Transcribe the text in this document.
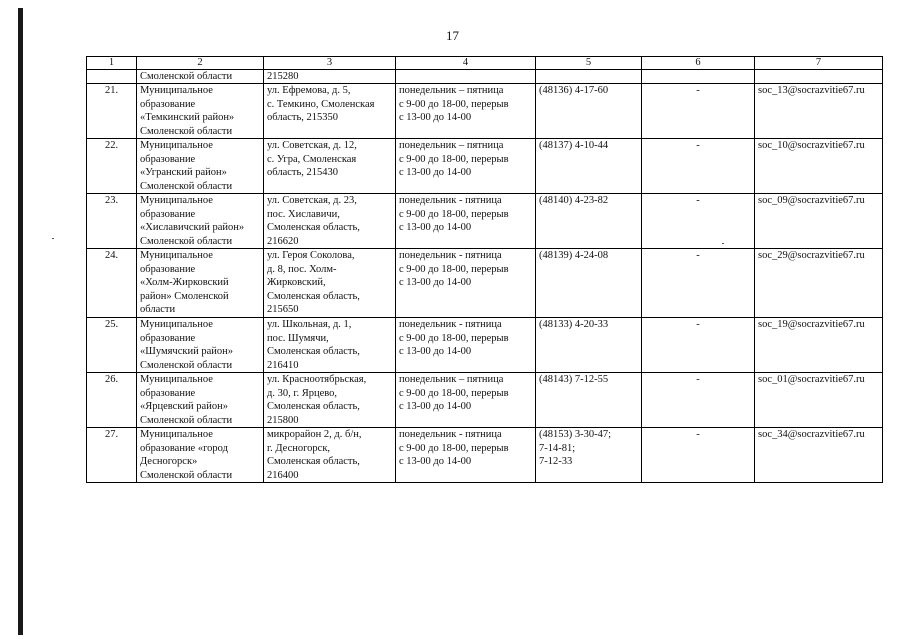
17
1	2	3	4	5	6	7
	Смоленской области	215280				
21.	Муниципальное
образование
«Темкинский район»
Смоленской области	ул. Ефремова, д. 5,
с. Темкино, Смоленская
область, 215350	понедельник – пятница
с 9-00 до 18-00, перерыв
с 13-00 до 14-00	(48136) 4-17-60	-	soc_13@socrazvitie67.ru
22.	Муниципальное
образование
«Угранский район»
Смоленской области	ул. Советская, д. 12,
с. Угра, Смоленская
область, 215430	понедельник – пятница
с 9-00 до 18-00, перерыв
с 13-00 до 14-00	(48137) 4-10-44	-	soc_10@socrazvitie67.ru
23.	Муниципальное
образование
«Хиславичский район»
Смоленской области	ул. Советская, д. 23,
пос. Хиславичи,
Смоленская область,
216620	понедельник - пятница
с 9-00 до 18-00, перерыв
с 13-00 до 14-00	(48140) 4-23-82	-	soc_09@socrazvitie67.ru
24.	Муниципальное
образование
«Холм-Жирковский
район» Смоленской
области	ул. Героя Соколова,
д. 8, пос. Холм-
Жирковский,
Смоленская область,
215650	понедельник - пятница
с 9-00 до 18-00, перерыв
с 13-00 до 14-00	(48139) 4-24-08	-	soc_29@socrazvitie67.ru
25.	Муниципальное
образование
«Шумячский район»
Смоленской области	ул. Школьная, д. 1,
пос. Шумячи,
Смоленская область,
216410	понедельник - пятница
с 9-00 до 18-00, перерыв
с 13-00 до 14-00	(48133) 4-20-33	-	soc_19@socrazvitie67.ru
26.	Муниципальное
образование
«Ярцевский район»
Смоленской области	ул. Красноотябрьская,
д. 30, г. Ярцево,
Смоленская область,
215800	понедельник – пятница
с 9-00 до 18-00, перерыв
с 13-00 до 14-00	(48143) 7-12-55	-	soc_01@socrazvitie67.ru
27.	Муниципальное
образование «город
Десногорск»
Смоленской области	микрорайон 2, д. б/н,
г. Десногорск,
Смоленская область,
216400	понедельник - пятница
с 9-00 до 18-00, перерыв
с 13-00 до 14-00	(48153) 3-30-47;
7-14-81;
7-12-33	-	soc_34@socrazvitie67.ru
